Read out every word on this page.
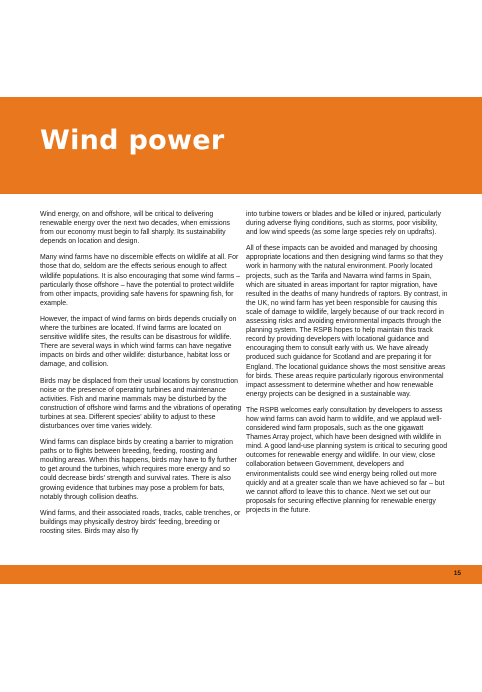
Wind power

Wind energy, on and offshore, will be critical to delivering renewable energy over the next two decades, when emissions from our economy must begin to fall sharply. Its sustainability depends on location and design.

Many wind farms have no discernible effects on wildlife at all. For those that do, seldom are the effects serious enough to affect wildlife populations. It is also encouraging that some wind farms – particularly those offshore – have the potential to protect wildlife from other impacts, providing safe havens for spawning fish, for example.

However, the impact of wind farms on birds depends crucially on where the turbines are located. If wind farms are located on sensitive wildlife sites, the results can be disastrous for wildlife. There are several ways in which wind farms can have negative impacts on birds and other wildlife: disturbance, habitat loss or damage, and collision.

Birds may be displaced from their usual locations by construction noise or the presence of operating turbines and maintenance activities. Fish and marine mammals may be disturbed by the construction of offshore wind farms and the vibrations of operating turbines at sea. Different species' ability to adjust to these disturbances over time varies widely.

Wind farms can displace birds by creating a barrier to migration paths or to flights between breeding, feeding, roosting and moulting areas. When this happens, birds may have to fly further to get around the turbines, which requires more energy and so could decrease birds' strength and survival rates. There is also growing evidence that turbines may pose a problem for bats, notably through collision deaths.

Wind farms, and their associated roads, tracks, cable trenches, or buildings may physically destroy birds' feeding, breeding or roosting sites. Birds may also fly

into turbine towers or blades and be killed or injured, particularly during adverse flying conditions, such as storms, poor visibility, and low wind speeds (as some large species rely on updrafts).

All of these impacts can be avoided and managed by choosing appropriate locations and then designing wind farms so that they work in harmony with the natural environment. Poorly located projects, such as the Tarifa and Navarra wind farms in Spain, which are situated in areas important for raptor migration, have resulted in the deaths of many hundreds of raptors. By contrast, in the UK, no wind farm has yet been responsible for causing this scale of damage to wildlife, largely because of our track record in assessing risks and avoiding environmental impacts through the planning system. The RSPB hopes to help maintain this track record by providing developers with locational guidance and encouraging them to consult early with us. We have already produced such guidance for Scotland and are preparing it for England. The locational guidance shows the most sensitive areas for birds. These areas require particularly rigorous environmental impact assessment to determine whether and how renewable energy projects can be designed in a sustainable way.

The RSPB welcomes early consultation by developers to assess how wind farms can avoid harm to wildlife, and we applaud well-considered wind farm proposals, such as the one gigawatt Thames Array project, which have been designed with wildlife in mind. A good land-use planning system is critical to securing good outcomes for renewable energy and wildlife. In our view, close collaboration between Government, developers and environmentalists could see wind energy being rolled out more quickly and at a greater scale than we have achieved so far – but we cannot afford to leave this to chance. Next we set out our proposals for securing effective planning for renewable energy projects in the future.

15
